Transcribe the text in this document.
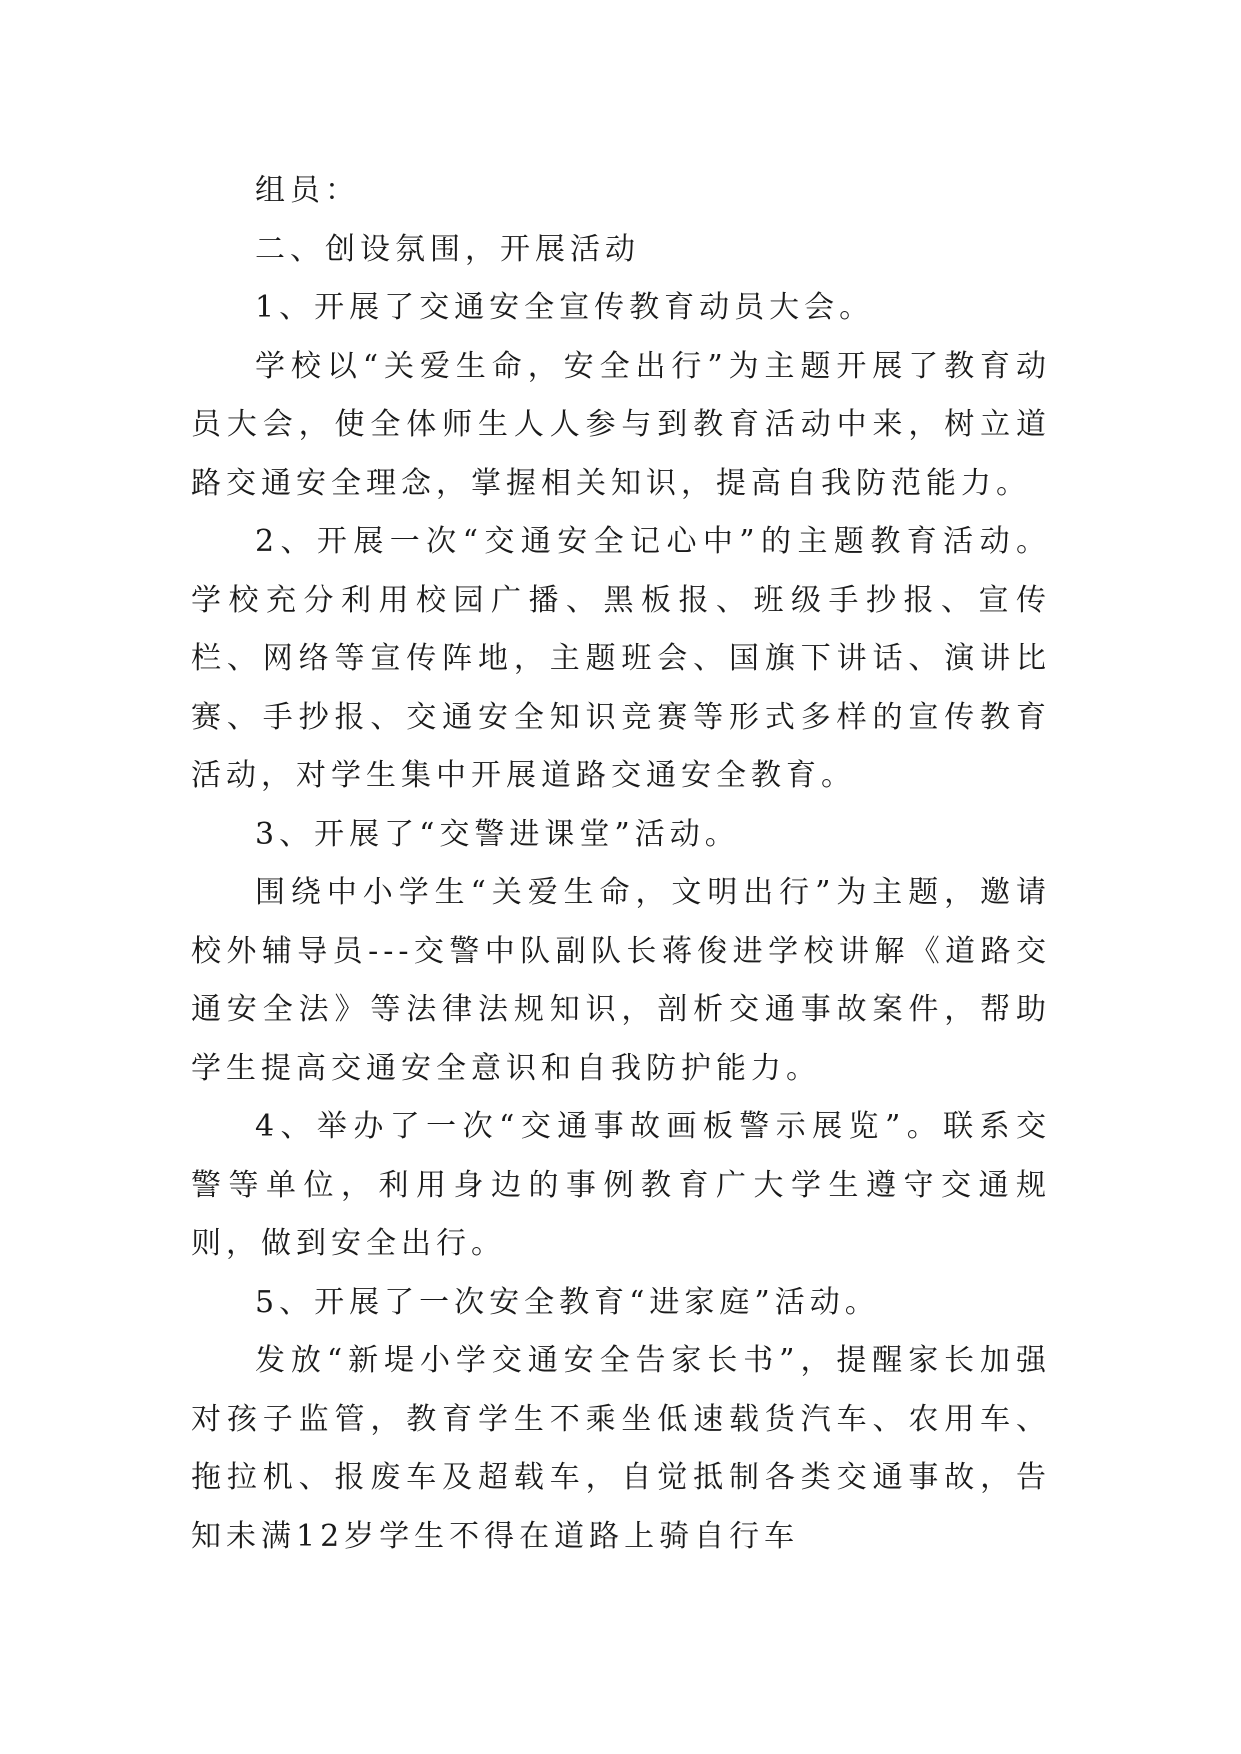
组员：

二、创设氛围，开展活动

1、开展了交通安全宣传教育动员大会。

学校以“关爱生命，安全出行”为主题开展了教育动员大会，使全体师生人人参与到教育活动中来，树立道路交通安全理念，掌握相关知识，提高自我防范能力。

2、开展一次“交通安全记心中”的主题教育活动。学校充分利用校园广播、黑板报、班级手抄报、宣传栏、网络等宣传阵地，主题班会、国旗下讲话、演讲比赛、手抄报、交通安全知识竞赛等形式多样的宣传教育活动，对学生集中开展道路交通安全教育。

3、开展了“交警进课堂”活动。

围绕中小学生“关爱生命，文明出行”为主题，邀请校外辅导员---交警中队副队长蒋俊进学校讲解《道路交通安全法》等法律法规知识，剖析交通事故案件，帮助学生提高交通安全意识和自我防护能力。

4、举办了一次“交通事故画板警示展览”。联系交警等单位，利用身边的事例教育广大学生遵守交通规则，做到安全出行。

5、开展了一次安全教育“进家庭”活动。

发放“新堤小学交通安全告家长书”，提醒家长加强对孩子监管，教育学生不乘坐低速载货汽车、农用车、拖拉机、报废车及超载车，自觉抵制各类交通事故，告知未满12岁学生不得在道路上骑自行车
